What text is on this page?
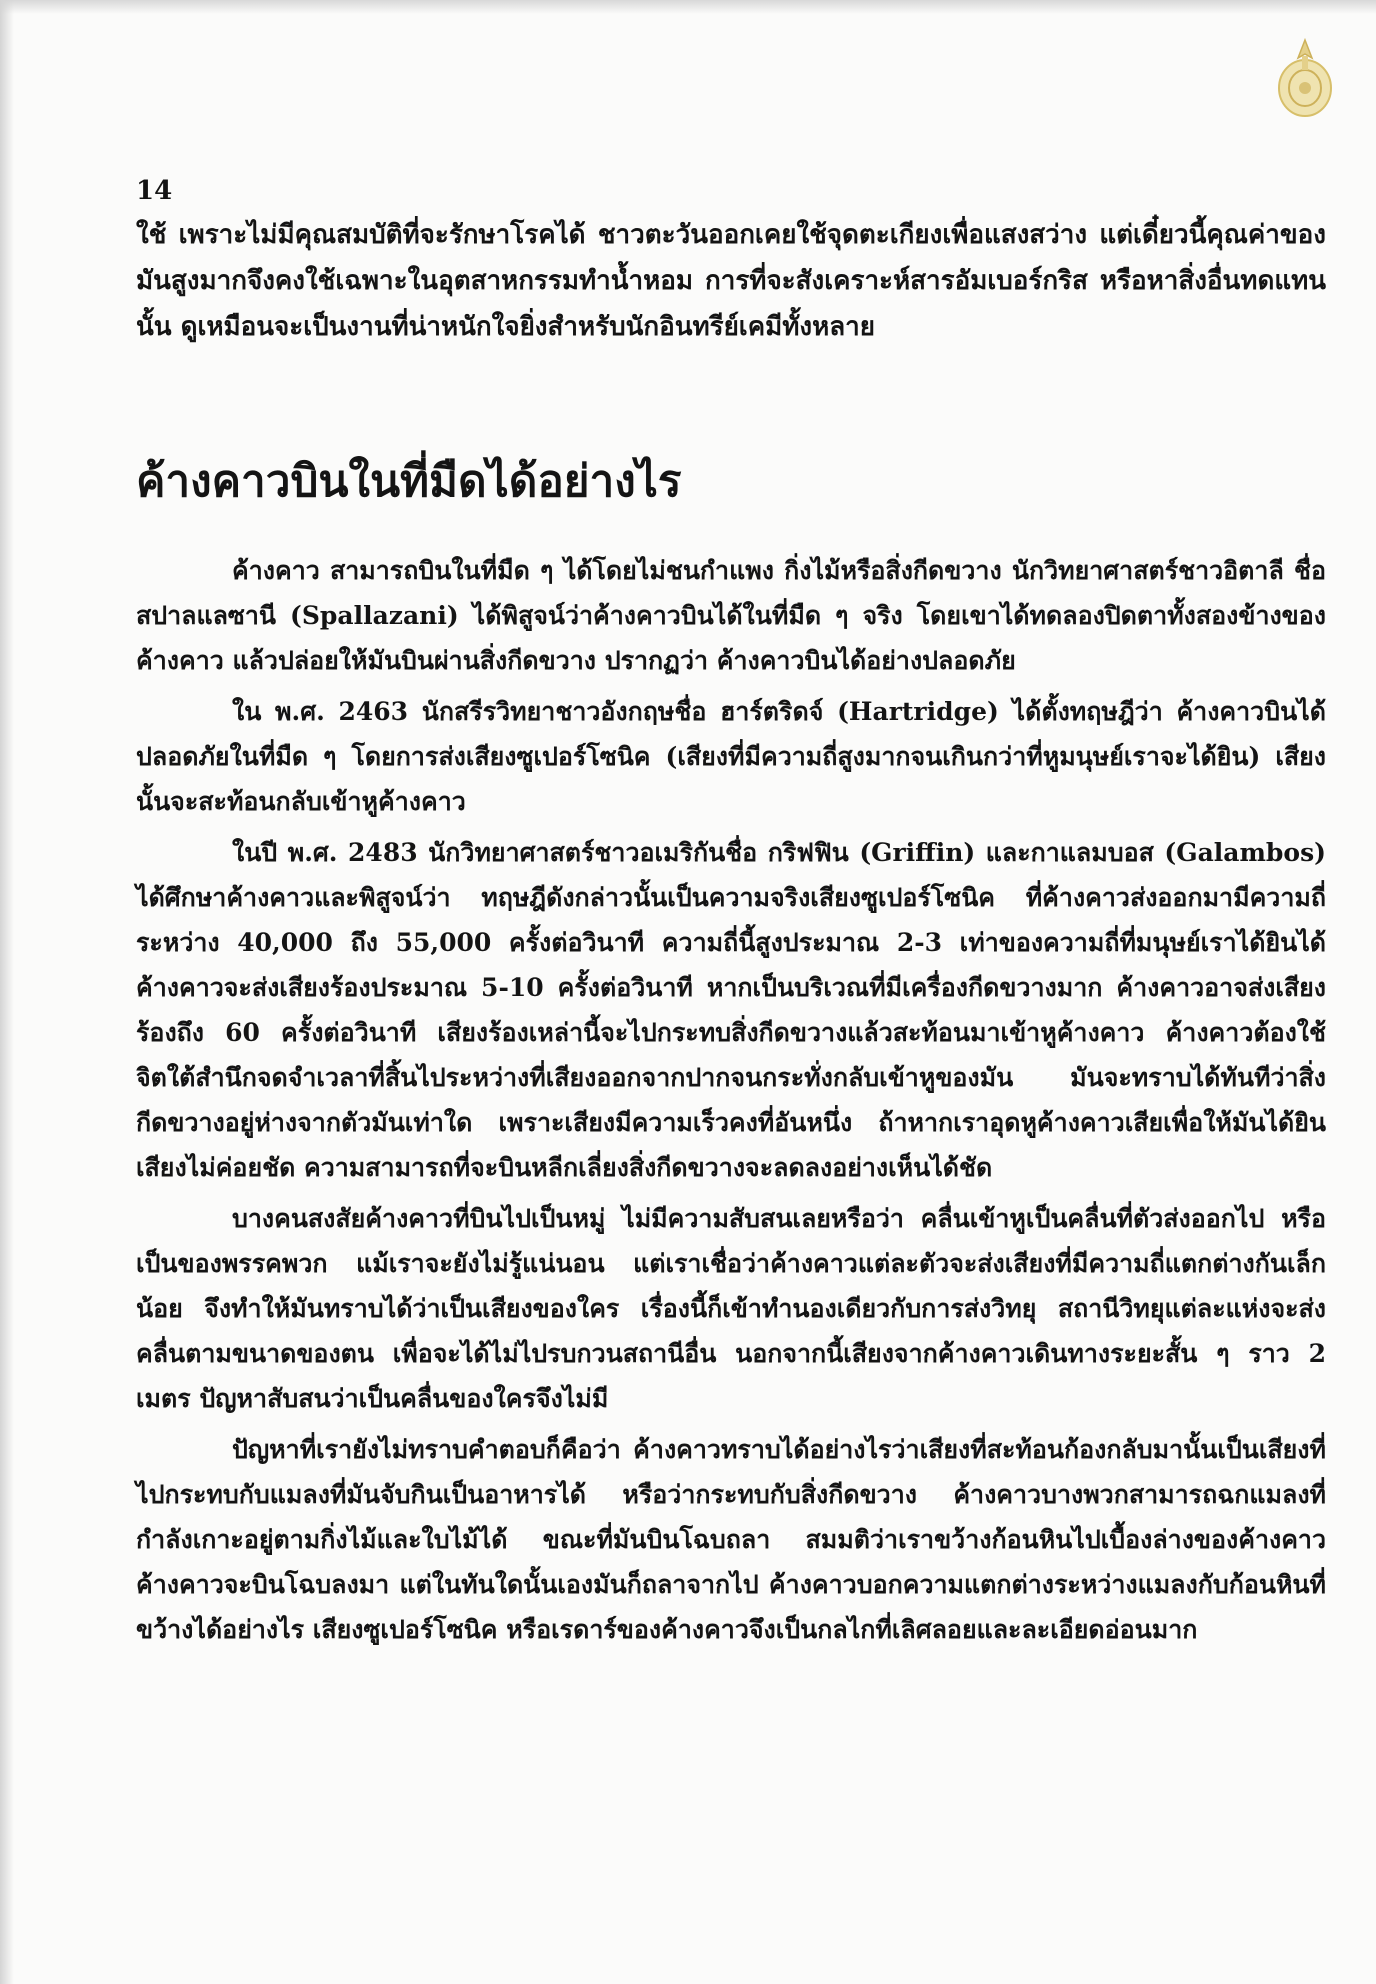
14

ใช้ เพราะไม่มีคุณสมบัติที่จะรักษาโรคได้ ชาวตะวันออกเคยใช้จุดตะเกียงเพื่อแสงสว่าง แต่เดี๋ยวนี้คุณค่าของมันสูงมากจึงคงใช้เฉพาะในอุตสาหกรรมทำน้ำหอม การที่จะสังเคราะห์สารอัมเบอร์กริส หรือหาสิ่งอื่นทดแทนนั้น ดูเหมือนจะเป็นงานที่น่าหนักใจยิ่งสำหรับนักอินทรีย์เคมีทั้งหลาย

ค้างคาวบินในที่มืดได้อย่างไร

ค้างคาว สามารถบินในที่มืด ๆ ได้โดยไม่ชนกำแพง กิ่งไม้หรือสิ่งกีดขวาง นักวิทยาศาสตร์ชาวอิตาลี ชื่อ สปาลแลซานี (Spallazani) ได้พิสูจน์ว่าค้างคาวบินได้ในที่มืด ๆ จริง โดยเขาได้ทดลองปิดตาทั้งสองข้างของค้างคาว แล้วปล่อยให้มันบินผ่านสิ่งกีดขวาง ปรากฏว่า ค้างคาวบินได้อย่างปลอดภัย

ใน พ.ศ. 2463 นักสรีรวิทยาชาวอังกฤษชื่อ ฮาร์ตริดจ์ (Hartridge) ได้ตั้งทฤษฎีว่า ค้างคาวบินได้ปลอดภัยในที่มืด ๆ โดยการส่งเสียงซูเปอร์โซนิค (เสียงที่มีความถี่สูงมากจนเกินกว่าที่หูมนุษย์เราจะได้ยิน) เสียงนั้นจะสะท้อนกลับเข้าหูค้างคาว

ในปี พ.ศ. 2483 นักวิทยาศาสตร์ชาวอเมริกันชื่อ กริฟฟิน (Griffin) และกาแลมบอส (Galambos) ได้ศึกษาค้างคาวและพิสูจน์ว่า ทฤษฎีดังกล่าวนั้นเป็นความจริงเสียงซูเปอร์โซนิค ที่ค้างคาวส่งออกมามีความถี่ระหว่าง 40,000 ถึง 55,000 ครั้งต่อวินาที ความถี่นี้สูงประมาณ 2-3 เท่าของความถี่ที่มนุษย์เราได้ยินได้ ค้างคาวจะส่งเสียงร้องประมาณ 5-10 ครั้งต่อวินาที หากเป็นบริเวณที่มีเครื่องกีดขวางมาก ค้างคาวอาจส่งเสียงร้องถึง 60 ครั้งต่อวินาที เสียงร้องเหล่านี้จะไปกระทบสิ่งกีดขวางแล้วสะท้อนมาเข้าหูค้างคาว ค้างคาวต้องใช้จิตใต้สำนึกจดจำเวลาที่สิ้นไประหว่างที่เสียงออกจากปากจนกระทั่งกลับเข้าหูของมัน มันจะทราบได้ทันทีว่าสิ่งกีดขวางอยู่ห่างจากตัวมันเท่าใด เพราะเสียงมีความเร็วคงที่อันหนึ่ง ถ้าหากเราอุดหูค้างคาวเสียเพื่อให้มันได้ยินเสียงไม่ค่อยชัด ความสามารถที่จะบินหลีกเลี่ยงสิ่งกีดขวางจะลดลงอย่างเห็นได้ชัด

บางคนสงสัยค้างคาวที่บินไปเป็นหมู่ ไม่มีความสับสนเลยหรือว่า คลื่นเข้าหูเป็นคลื่นที่ตัวส่งออกไป หรือเป็นของพรรคพวก แม้เราจะยังไม่รู้แน่นอน แต่เราเชื่อว่าค้างคาวแต่ละตัวจะส่งเสียงที่มีความถี่แตกต่างกันเล็กน้อย จึงทำให้มันทราบได้ว่าเป็นเสียงของใคร เรื่องนี้ก็เข้าทำนองเดียวกับการส่งวิทยุ สถานีวิทยุแต่ละแห่งจะส่งคลื่นตามขนาดของตน เพื่อจะได้ไม่ไปรบกวนสถานีอื่น นอกจากนี้เสียงจากค้างคาวเดินทางระยะสั้น ๆ ราว 2 เมตร ปัญหาสับสนว่าเป็นคลื่นของใครจึงไม่มี

ปัญหาที่เรายังไม่ทราบคำตอบก็คือว่า ค้างคาวทราบได้อย่างไรว่าเสียงที่สะท้อนก้องกลับมานั้นเป็นเสียงที่ไปกระทบกับแมลงที่มันจับกินเป็นอาหารได้ หรือว่ากระทบกับสิ่งกีดขวาง ค้างคาวบางพวกสามารถฉกแมลงที่กำลังเกาะอยู่ตามกิ่งไม้และใบไม้ได้ ขณะที่มันบินโฉบถลา สมมติว่าเราขว้างก้อนหินไปเบื้องล่างของค้างคาว ค้างคาวจะบินโฉบลงมา แต่ในทันใดนั้นเองมันก็ถลาจากไป ค้างคาวบอกความแตกต่างระหว่างแมลงกับก้อนหินที่ขว้างได้อย่างไร เสียงซูเปอร์โซนิค หรือเรดาร์ของค้างคาวจึงเป็นกลไกที่เลิศลอยและละเอียดอ่อนมาก
